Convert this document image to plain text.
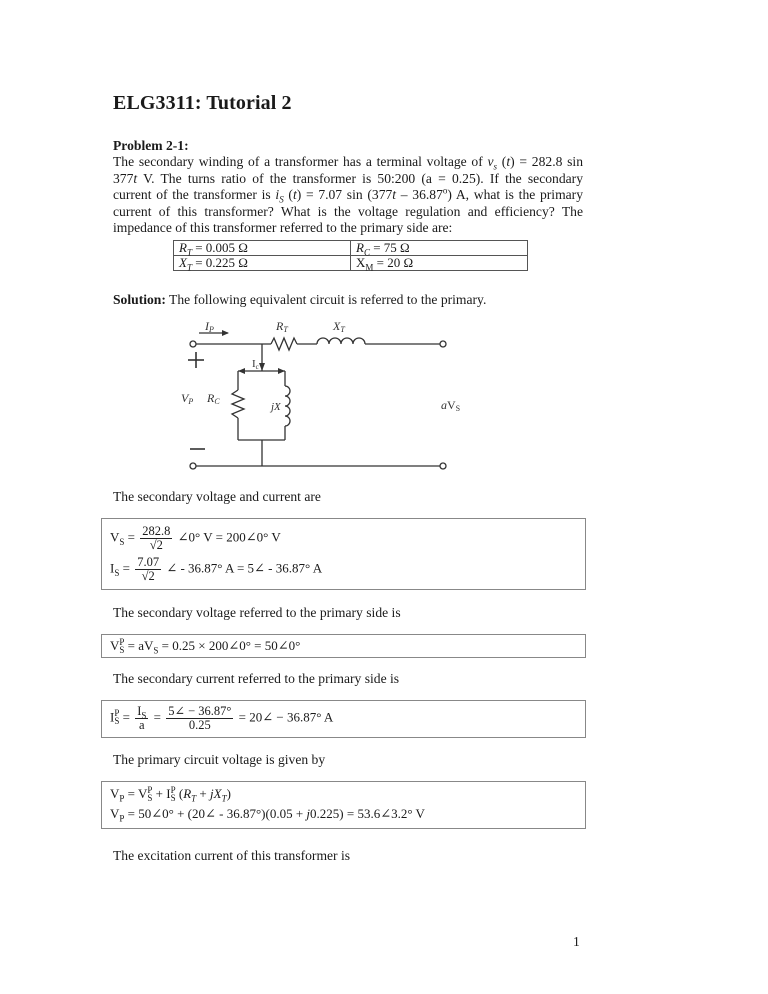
ELG3311: Tutorial 2
Problem 2-1:
The secondary winding of a transformer has a terminal voltage of $v_s$ (t) = 282.8 sin 377t V. The turns ratio of the transformer is 50:200 (a = 0.25). If the secondary current of the transformer is $i_S$ (t) = 7.07 sin (377t – 36.87$^o$) A, what is the primary current of this transformer? What is the voltage regulation and efficiency? The impedance of this transformer referred to the primary side are:
$R_T = 0.005$ Ω	$R_C = 75$ Ω
$X_T = 0.225$ Ω	$X_M = 20$ Ω
Solution: The following equivalent circuit is referred to the primary.
IP	RT	XT
VP RC	jX	aVS
Ic
The secondary voltage and current are
$V_S = \frac{282.8}{√2}$ ∠0° V = 200∠0° V
$I_S = \frac{7.07}{√2}$ ∠ - 36.87° A = 5∠ - 36.87° A
The secondary voltage referred to the primary side is
V P
$S = aV_S = 0.25$ × 200∠0° = 50∠0°
The secondary current referred to the primary side is
I P
$S = \frac{I_S}{a} = \frac{5\angle - 36.87^\circ}{0.25}$ = 20∠ − 36.87° A
The primary circuit voltage is given by
$V_P = V$ P
S + I P
S $(R_T + jX_T)$
$V_P$ = 50∠0° + (20∠ - 36.87°)(0.05 + j0.225) = 53.6∠3.2° V
The excitation current of this transformer is
1
